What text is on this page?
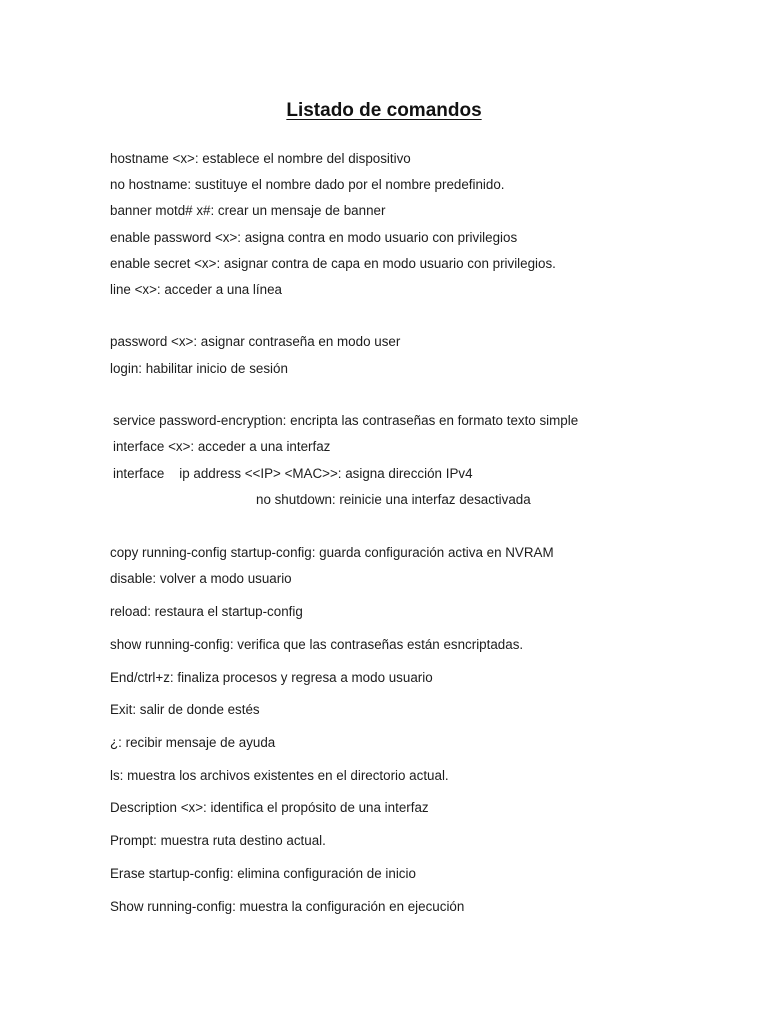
Listado de comandos
hostname <x>: establece el nombre del dispositivo
no hostname: sustituye el nombre dado por el nombre predefinido.
banner motd# x#: crear un mensaje de banner
enable password <x>: asigna contra en modo usuario con privilegios
enable secret <x>: asignar contra de capa en modo usuario con privilegios.
line <x>: acceder a una línea
password <x>: asignar contraseña en modo user
login: habilitar inicio de sesión
service password-encryption: encripta las contraseñas en formato texto simple
interface <x>: acceder a una interfaz
interface    ip address <<IP> <MAC>>: asigna dirección IPv4
no shutdown: reinicie una interfaz desactivada
copy running-config startup-config: guarda configuración activa en NVRAM
disable: volver a modo usuario
reload: restaura el startup-config
show running-config: verifica que las contraseñas están esncriptadas.
End/ctrl+z: finaliza procesos y regresa a modo usuario
Exit: salir de donde estés
¿: recibir mensaje de ayuda
ls: muestra los archivos existentes en el directorio actual.
Description <x>: identifica el propósito de una interfaz
Prompt: muestra ruta destino actual.
Erase startup-config: elimina configuración de inicio
Show running-config: muestra la configuración en ejecución
